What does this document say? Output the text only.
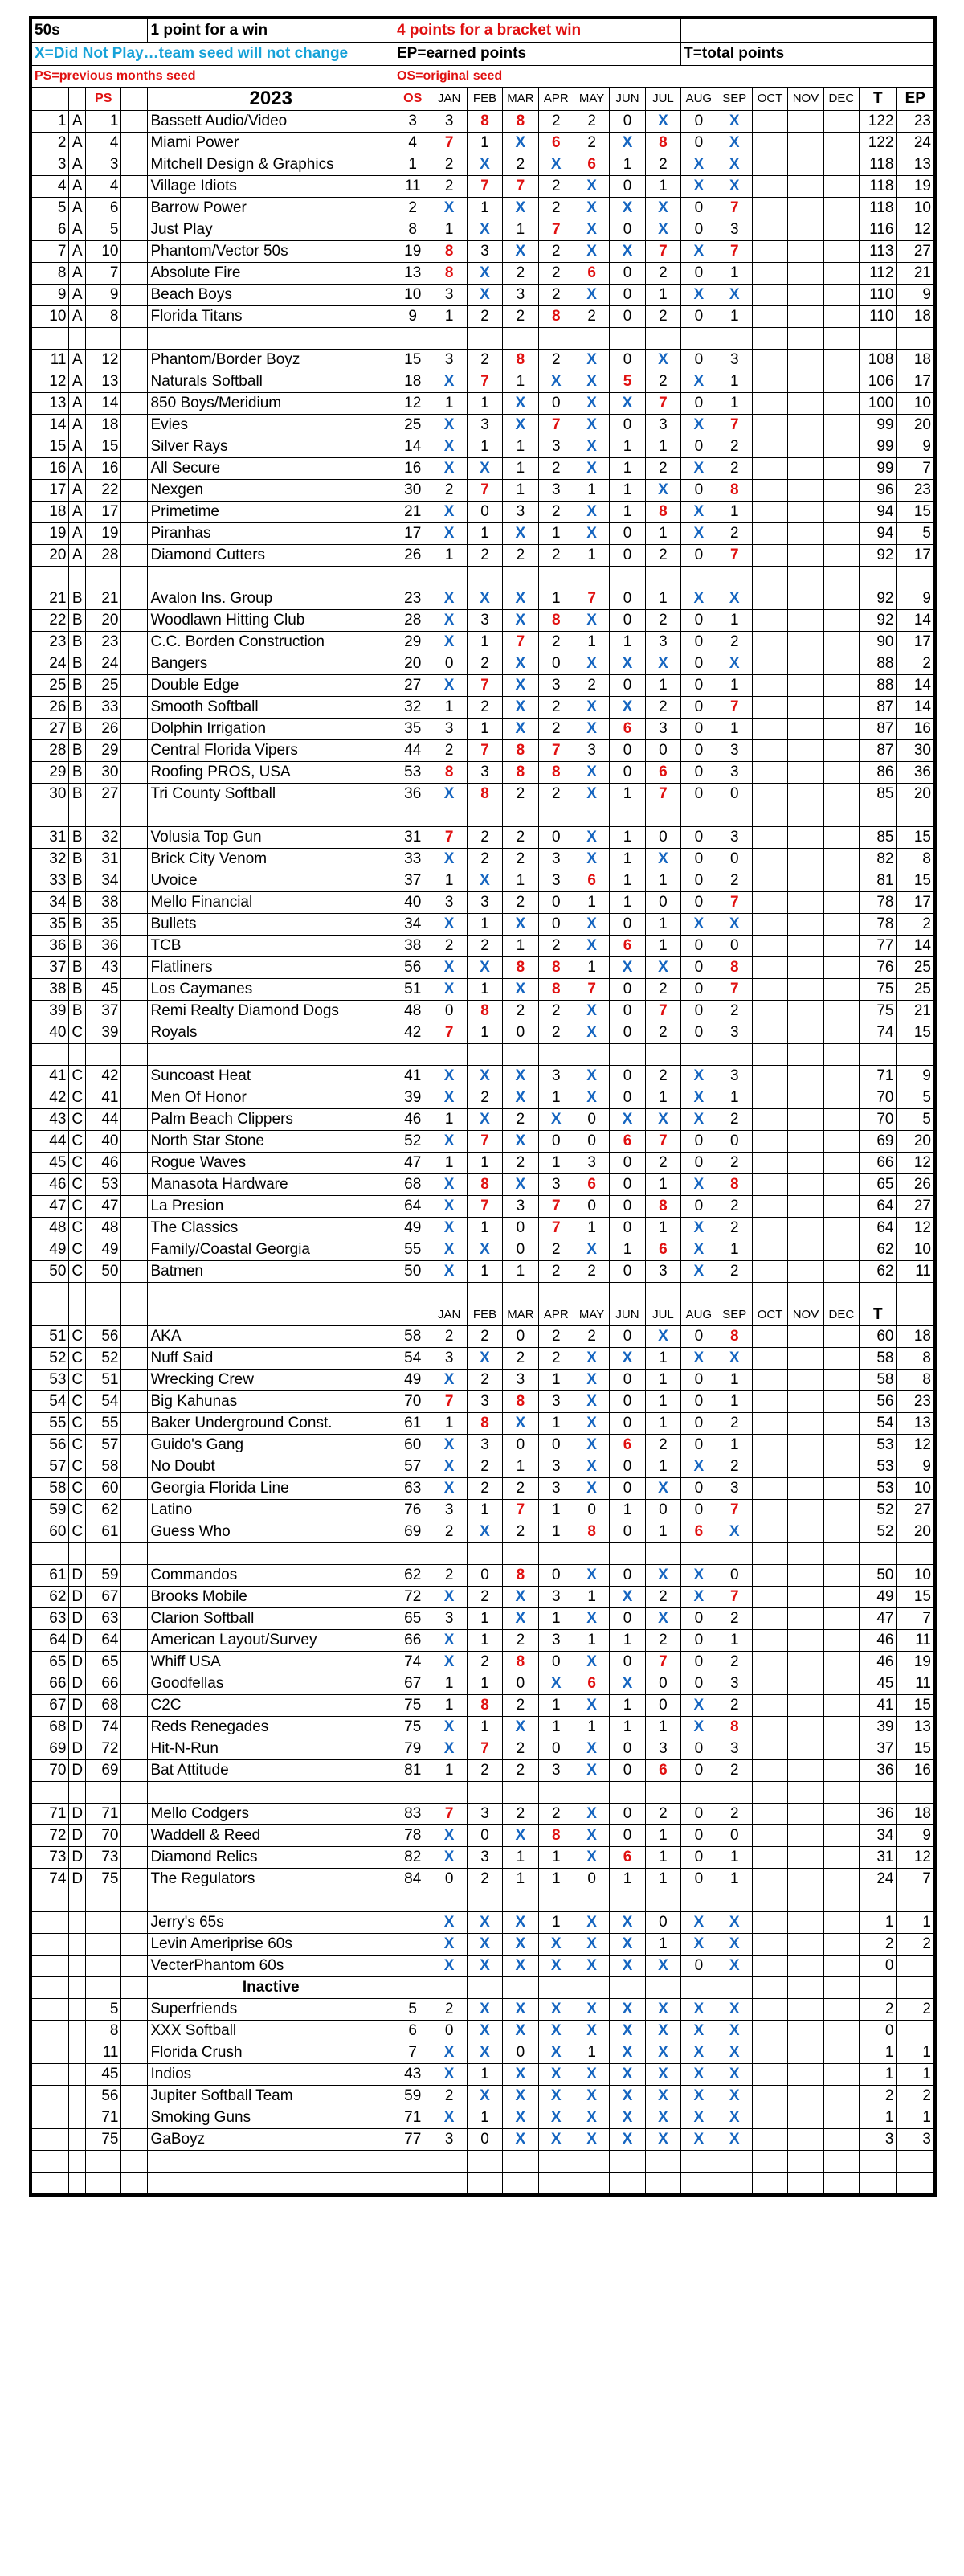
50s				1 point for a win	4 points for a bracket win														
X=Did Not Play…team seed will not change					EP=earned points								T=total points						
PS=previous months seed					OS=original seed														
		PS		2023	OS	JAN	FEB	MAR	APR	MAY	JUN	JUL	AUG	SEP	OCT	NOV	DEC	T	EP
1	A	1		Bassett Audio/Video	3	3	8	8	2	2	0	X	0	X				122	23
2	A	4		Miami Power	4	7	1	X	6	2	X	8	0	X				122	24
3	A	3		Mitchell Design & Graphics	1	2	X	2	X	6	1	2	X	X				118	13
4	A	4		Village Idiots	11	2	7	7	2	X	0	1	X	X				118	19
5	A	6		Barrow Power	2	X	1	X	2	X	X	X	0	7				118	10
6	A	5		Just Play	8	1	X	1	7	X	0	X	0	3				116	12
7	A	10		Phantom/Vector 50s	19	8	3	X	2	X	X	7	X	7				113	27
8	A	7		Absolute Fire	13	8	X	2	2	6	0	2	0	1				112	21
9	A	9		Beach Boys	10	3	X	3	2	X	0	1	X	X				110	9
10	A	8		Florida Titans	9	1	2	2	8	2	0	2	0	1				110	18

11	A	12		Phantom/Border Boyz	15	3	2	8	2	X	0	X	0	3				108	18
12	A	13		Naturals Softball	18	X	7	1	X	X	5	2	X	1				106	17
13	A	14		850 Boys/Meridium	12	1	1	X	0	X	X	7	0	1				100	10
14	A	18		Evies	25	X	3	X	7	X	0	3	X	7				99	20
15	A	15		Silver Rays	14	X	1	1	3	X	1	1	0	2				99	9
16	A	16		All Secure	16	X	X	1	2	X	1	2	X	2				99	7
17	A	22		Nexgen	30	2	7	1	3	1	1	X	0	8				96	23
18	A	17		Primetime	21	X	0	3	2	X	1	8	X	1				94	15
19	A	19		Piranhas	17	X	1	X	1	X	0	1	X	2				94	5
20	A	28		Diamond Cutters	26	1	2	2	2	1	0	2	0	7				92	17

21	B	21		Avalon Ins. Group	23	X	X	X	1	7	0	1	X	X				92	9
22	B	20		Woodlawn Hitting Club	28	X	3	X	8	X	0	2	0	1				92	14
23	B	23		C.C. Borden Construction	29	X	1	7	2	1	1	3	0	2				90	17
24	B	24		Bangers	20	0	2	X	0	X	X	X	0	X				88	2
25	B	25		Double Edge	27	X	7	X	3	2	0	1	0	1				88	14
26	B	33		Smooth Softball	32	1	2	X	2	X	X	2	0	7				87	14
27	B	26		Dolphin Irrigation	35	3	1	X	2	X	6	3	0	1				87	16
28	B	29		Central Florida Vipers	44	2	7	8	7	3	0	0	0	3				87	30
29	B	30		Roofing PROS, USA	53	8	3	8	8	X	0	6	0	3				86	36
30	B	27		Tri County Softball	36	X	8	2	2	X	1	7	0	0				85	20

31	B	32		Volusia Top Gun	31	7	2	2	0	X	1	0	0	3				85	15
32	B	31		Brick City Venom	33	X	2	2	3	X	1	X	0	0				82	8
33	B	34		Uvoice	37	1	X	1	3	6	1	1	0	2				81	15
34	B	38		Mello Financial	40	3	3	2	0	1	1	0	0	7				78	17
35	B	35		Bullets	34	X	1	X	0	X	0	1	X	X				78	2
36	B	36		TCB	38	2	2	1	2	X	6	1	0	0				77	14
37	B	43		Flatliners	56	X	X	8	8	1	X	X	0	8				76	25
38	B	45		Los Caymanes	51	X	1	X	8	7	0	2	0	7				75	25
39	B	37		Remi Realty Diamond Dogs	48	0	8	2	2	X	0	7	0	2				75	21
40	C	39		Royals	42	7	1	0	2	X	0	2	0	3				74	15

41	C	42		Suncoast Heat	41	X	X	X	3	X	0	2	X	3				71	9
42	C	41		Men Of Honor	39	X	2	X	1	X	0	1	X	1				70	5
43	C	44		Palm Beach Clippers	46	1	X	2	X	0	X	X	X	2				70	5
44	C	40		North Star Stone	52	X	7	X	0	0	6	7	0	0				69	20
45	C	46		Rogue Waves	47	1	1	2	1	3	0	2	0	2				66	12
46	C	53		Manasota Hardware	68	X	8	X	3	6	0	1	X	8				65	26
47	C	47		La Presion	64	X	7	3	7	0	0	8	0	2				64	27
48	C	48		The Classics	49	X	1	0	7	1	0	1	X	2				64	12
49	C	49		Family/Coastal Georgia	55	X	X	0	2	X	1	6	X	1				62	10
50	C	50		Batmen	50	X	1	1	2	2	0	3	X	2				62	11

						JAN	FEB	MAR	APR	MAY	JUN	JUL	AUG	SEP	OCT	NOV	DEC	T	
51	C	56		AKA	58	2	2	0	2	2	0	X	0	8				60	18
52	C	52		Nuff Said	54	3	X	2	2	X	X	1	X	X				58	8
53	C	51		Wrecking Crew	49	X	2	3	1	X	0	1	0	1				58	8
54	C	54		Big Kahunas	70	7	3	8	3	X	0	1	0	1				56	23
55	C	55		Baker Underground Const.	61	1	8	X	1	X	0	1	0	2				54	13
56	C	57		Guido's Gang	60	X	3	0	0	X	6	2	0	1				53	12
57	C	58		No Doubt	57	X	2	1	3	X	0	1	X	2				53	9
58	C	60		Georgia Florida Line	63	X	2	2	3	X	0	X	0	3				53	10
59	C	62		Latino	76	3	1	7	1	0	1	0	0	7				52	27
60	C	61		Guess Who	69	2	X	2	1	8	0	1	6	X				52	20

61	D	59		Commandos	62	2	0	8	0	X	0	X	X	0				50	10
62	D	67		Brooks Mobile	72	X	2	X	3	1	X	2	X	7				49	15
63	D	63		Clarion Softball	65	3	1	X	1	X	0	X	0	2				47	7
64	D	64		American Layout/Survey	66	X	1	2	3	1	1	2	0	1				46	11
65	D	65		Whiff USA	74	X	2	8	0	X	0	7	0	2				46	19
66	D	66		Goodfellas	67	1	1	0	X	6	X	0	0	3				45	11
67	D	68		C2C	75	1	8	2	1	X	1	0	X	2				41	15
68	D	74		Reds Renegades	75	X	1	X	1	1	1	1	X	8				39	13
69	D	72		Hit-N-Run	79	X	7	2	0	X	0	3	0	3				37	15
70	D	69		Bat Attitude	81	1	2	2	3	X	0	6	0	2				36	16

71	D	71		Mello Codgers	83	7	3	2	2	X	0	2	0	2				36	18
72	D	70		Waddell & Reed	78	X	0	X	8	X	0	1	0	0				34	9
73	D	73		Diamond Relics	82	X	3	1	1	X	6	1	0	1				31	12
74	D	75		The Regulators	84	0	2	1	1	0	1	1	0	1				24	7

				Jerry's 65s		X	X	X	1	X	X	0	X	X				1	1
				Levin Ameriprise 60s		X	X	X	X	X	X	1	X	X				2	2
				VecterPhantom 60s		X	X	X	X	X	X	X	0	X				0	
				Inactive															
		5		Superfriends	5	2	X	X	X	X	X	X	X	X				2	2
		8		XXX Softball	6	0	X	X	X	X	X	X	X	X				0	
		11		Florida Crush	7	X	X	0	X	1	X	X	X	X				1	1
		45		Indios	43	X	1	X	X	X	X	X	X	X				1	1
		56		Jupiter Softball Team	59	2	X	X	X	X	X	X	X	X				2	2
		71		Smoking Guns	71	X	1	X	X	X	X	X	X	X				1	1
		75		GaBoyz	77	3	0	X	X	X	X	X	X	X				3	3
